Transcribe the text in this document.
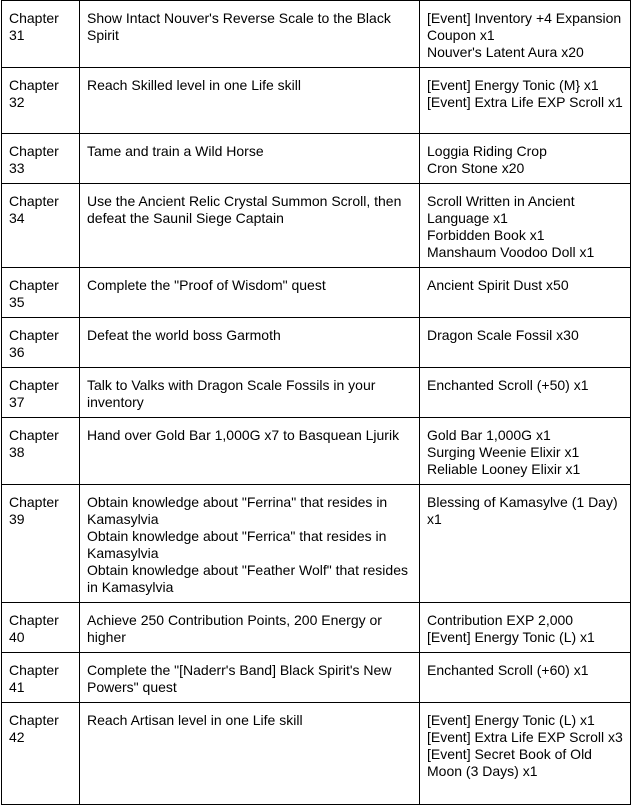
Chapter 31	Show Intact Nouver's Reverse Scale to the Black Spirit	[Event] Inventory +4 Expansion Coupon x1
Nouver's Latent Aura x20

Chapter 32	Reach Skilled level in one Life skill	[Event] Energy Tonic (M} x1
[Event] Extra Life EXP Scroll x1

Chapter 33	Tame and train a Wild Horse	Loggia Riding Crop
Cron Stone x20

Chapter 34	Use the Ancient Relic Crystal Summon Scroll, then defeat the Saunil Siege Captain	Scroll Written in Ancient Language x1
Forbidden Book x1
Manshaum Voodoo Doll x1

Chapter 35	Complete the "Proof of Wisdom" quest	Ancient Spirit Dust x50

Chapter 36	Defeat the world boss Garmoth	Dragon Scale Fossil x30

Chapter 37	Talk to Valks with Dragon Scale Fossils in your inventory	Enchanted Scroll (+50) x1

Chapter 38	Hand over Gold Bar 1,000G x7 to Basquean Ljurik	Gold Bar 1,000G x1
Surging Weenie Elixir x1
Reliable Looney Elixir x1

Chapter 39	Obtain knowledge about "Ferrina" that resides in Kamasylvia
Obtain knowledge about "Ferrica" that resides in Kamasylvia
Obtain knowledge about "Feather Wolf" that resides in Kamasylvia	Blessing of Kamasylve (1 Day) x1

Chapter 40	Achieve 250 Contribution Points, 200 Energy or higher	Contribution EXP 2,000
[Event] Energy Tonic (L) x1

Chapter 41	Complete the "[Naderr's Band] Black Spirit's New Powers" quest	Enchanted Scroll (+60) x1

Chapter 42	Reach Artisan level in one Life skill	[Event] Energy Tonic (L) x1
[Event] Extra Life EXP Scroll x3
[Event] Secret Book of Old Moon (3 Days) x1
